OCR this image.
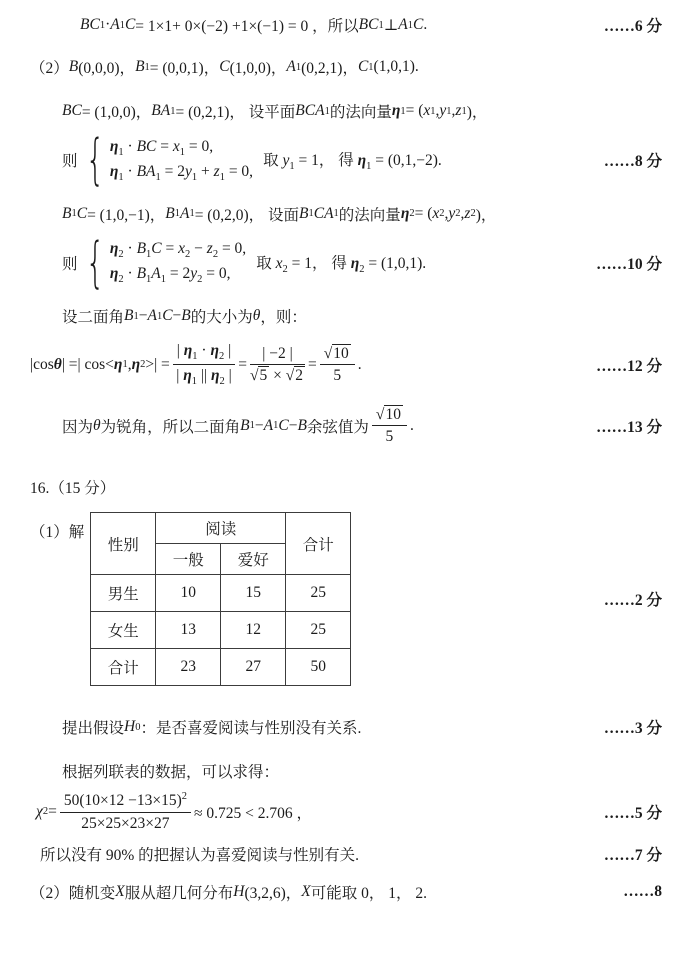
BC 1 · A 1 C = 1×1+ 0×(−2) +1×(−1) = 0 ，所以 BC 1 ⊥ A 1 C .	……6 分
（2） B (0,0,0)， B 1 = (0,0,1)， C (1,0,0)， A 1 (0,2,1)， C 1 (1,0,1).
BC = (1,0,0)， BA 1 = (0,2,1)， 设平面 BCA 1 的法向量 η 1 = ( x 1 , y 1 , z 1 )，
则 { $\eta_1$ · BC = $x_1 = 0$,
$\eta_1 \cdot BA_1 = 2y_1 + z_1 = 0$,
取 $y_1 = 1$， 得 $\eta_1 = (0,1,-2)$.	……8 分
B 1 C = (1,0,−1)， B 1 A 1 = (0,2,0)， 设面 B 1 CA 1 的法向量 η 2 = ( x 2 , y 2 , z 2 )，
则 { $\eta_2 \cdot B_1C = x_2 - z_2 = 0$,
$\eta_2 \cdot B_1A_1 = 2y_2 = 0$,
取 $x_2 = 1$， 得 $\eta_2 = (1,0,1)$.	……10 分
设二面角 B 1 − A 1 C − B 的大小为 θ ，则：
|cos θ | =| cos< η 1 , η 2 >| = $\frac{| \eta_1 \cdot \eta_2 |}{| \eta_1 || \eta_2 |} = \frac{| -2 |}{√5 \times √2} = \frac{√10}{5}$ .	……12 分
因为 θ 为锐角，所以二面角 B 1 − A 1 C − B 余弦值为 $\frac{√10}{5}$ .	……13 分
16.（15 分）
（1）解
性别	阅读		合计
	一般	爱好	
男生	10	15	25
女生	13	12	25
合计	23	27	50
……2 分
提出假设 H 0 ：是否喜爱阅读与性别没有关系.	……3 分
根据列联表的数据，可以求得：
χ $2 = \frac{50(10\times 12 -13\times 15)^2}{25\times 25\times 23\times 27} \approx 0.725 < 2.706$ ，	……5 分
所以没有 90% 的把握认为喜爱阅读与性别有关.	……7 分
（2）随机变 X 服从超几何分布 H (3,2,6)， X 可能取 0， 1， 2.	……8
